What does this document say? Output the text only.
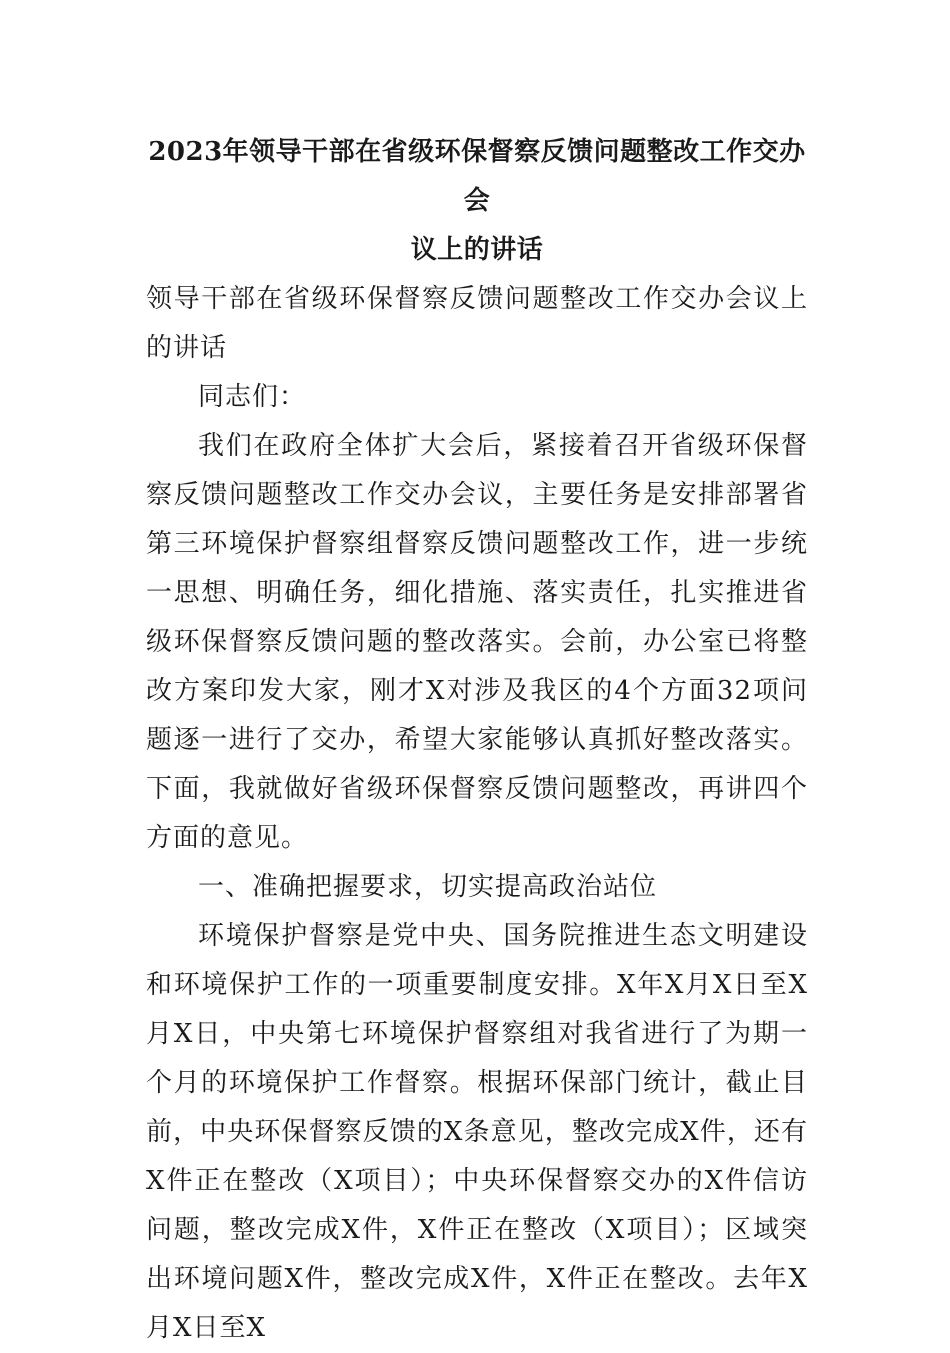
2023年领导干部在省级环保督察反馈问题整改工作交办会
议上的讲话

领导干部在省级环保督察反馈问题整改工作交办会议上的讲话

同志们：

我们在政府全体扩大会后，紧接着召开省级环保督察反馈问题整改工作交办会议，主要任务是安排部署省第三环境保护督察组督察反馈问题整改工作，进一步统一思想、明确任务，细化措施、落实责任，扎实推进省级环保督察反馈问题的整改落实。会前，办公室已将整改方案印发大家，刚才X对涉及我区的4个方面32项问题逐一进行了交办，希望大家能够认真抓好整改落实。下面，我就做好省级环保督察反馈问题整改，再讲四个方面的意见。

一、准确把握要求，切实提高政治站位

环境保护督察是党中央、国务院推进生态文明建设和环境保护工作的一项重要制度安排。X年X月X日至X月X日，中央第七环境保护督察组对我省进行了为期一个月的环境保护工作督察。根据环保部门统计，截止目前，中央环保督察反馈的X条意见，整改完成X件，还有X件正在整改（X项目）；中央环保督察交办的X件信访问题，整改完成X件，X件正在整改（X项目）；区域突出环境问题X件，整改完成X件，X件正在整改。去年X月X日至X
